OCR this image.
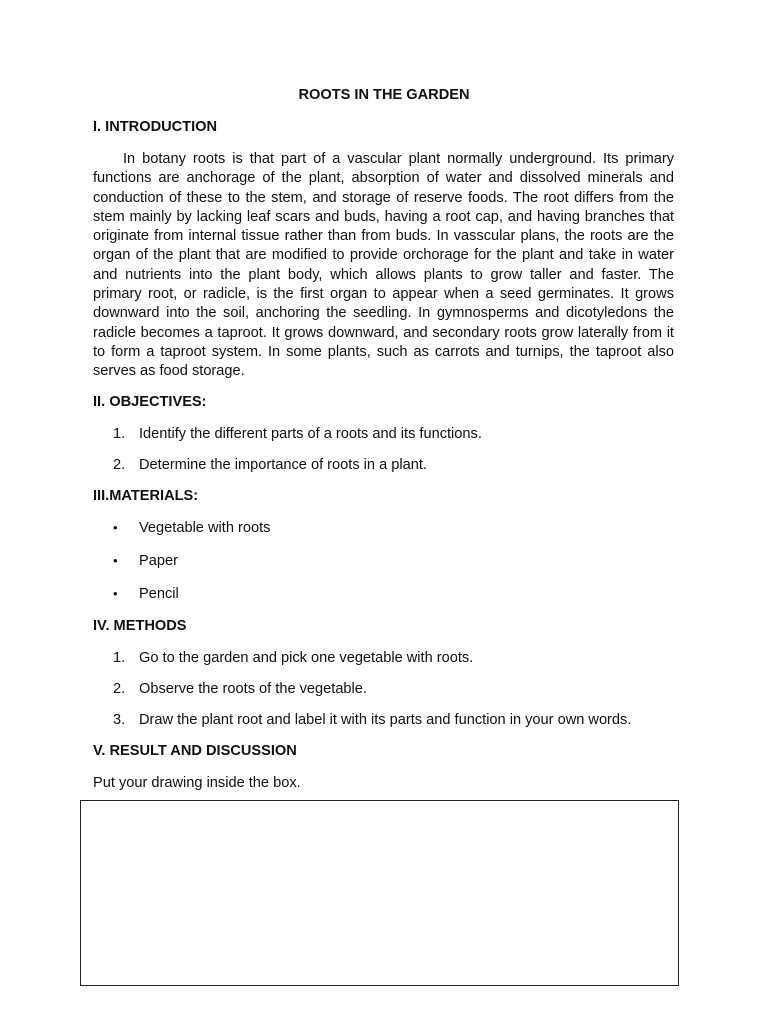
ROOTS IN THE GARDEN
I. INTRODUCTION

In botany roots is that part of a vascular plant normally underground. Its primary functions are anchorage of the plant, absorption of water and dissolved minerals and conduction of these to the stem, and storage of reserve foods. The root differs from the stem mainly by lacking leaf scars and buds, having a root cap, and having branches that originate from internal tissue rather than from buds. In vasscular plans, the roots are the organ of the plant that are modified to provide orchorage for the plant and take in water and nutrients into the plant body, which allows plants to grow taller and faster. The primary root, or radicle, is the first organ to appear when a seed germinates. It grows downward into the soil, anchoring the seedling. In gymnosperms and dicotyledons the radicle becomes a taproot. It grows downward, and secondary roots grow laterally from it to form a taproot system. In some plants, such as carrots and turnips, the taproot also serves as food storage.

II. OBJECTIVES:
1. Identify the different parts of a roots and its functions.
2. Determine the importance of roots in a plant.
III.MATERIALS:
• Vegetable with roots
• Paper
• Pencil
IV. METHODS
1. Go to the garden and pick one vegetable with roots.
2. Observe the roots of the vegetable.
3. Draw the plant root and label it with its parts and function in your own words.
V. RESULT AND DISCUSSION
Put your drawing inside the box.
